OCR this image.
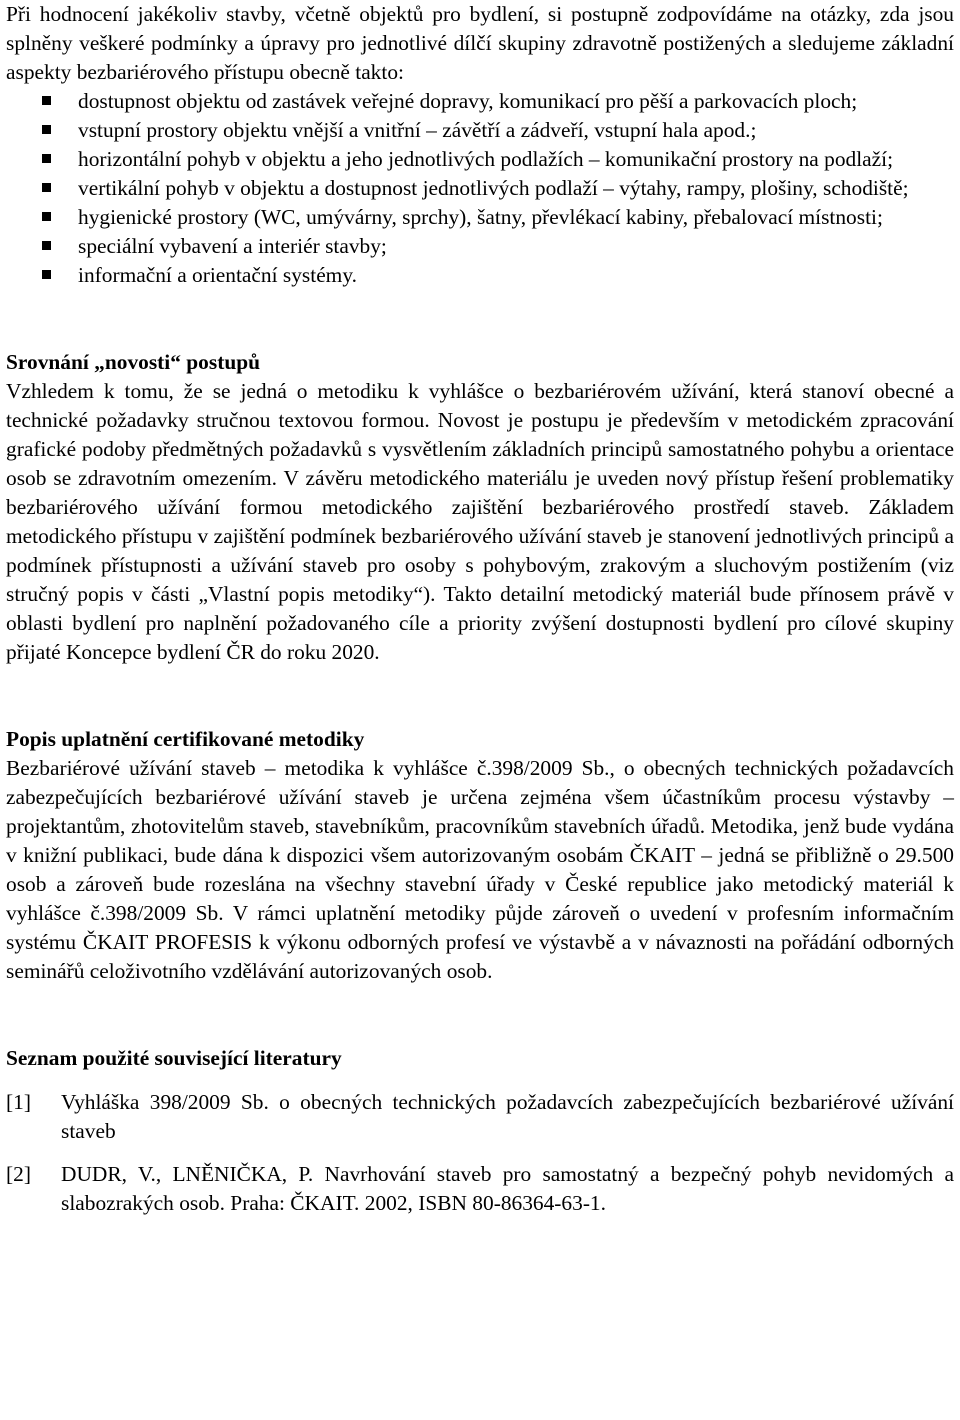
Při hodnocení jakékoliv stavby, včetně objektů pro bydlení, si postupně zodpovídáme na otázky, zda jsou splněny veškeré podmínky a úpravy pro jednotlivé dílčí skupiny zdravotně postižených a sledujeme základní aspekty bezbariérového přístupu obecně takto:

dostupnost objektu od zastávek veřejné dopravy, komunikací pro pěší a parkovacích ploch;
vstupní prostory objektu vnější a vnitřní – závětří a zádveří, vstupní hala apod.;
horizontální pohyb v objektu a jeho jednotlivých podlažích – komunikační prostory na podlaží;
vertikální pohyb v objektu a dostupnost jednotlivých podlaží – výtahy, rampy, plošiny, schodiště;
hygienické prostory (WC, umývárny, sprchy), šatny, převlékací kabiny, přebalovací místnosti;
speciální vybavení a interiér stavby;
informační a orientační systémy.
Srovnání „novosti“ postupů

Vzhledem k tomu, že se jedná o metodiku k vyhlášce o bezbariérovém užívání, která stanoví obecné a technické požadavky stručnou textovou formou. Novost je postupu je především v metodickém zpracování grafické podoby předmětných požadavků s vysvětlením základních principů samostatného pohybu a orientace osob se zdravotním omezením. V závěru metodického materiálu je uveden nový přístup řešení problematiky bezbariérového užívání formou metodického zajištění bezbariérového prostředí staveb. Základem metodického přístupu v zajištění podmínek bezbariérového užívání staveb je stanovení jednotlivých principů a podmínek přístupnosti a užívání staveb pro osoby s pohybovým, zrakovým a sluchovým postižením (viz stručný popis v části „Vlastní popis metodiky“). Takto detailní metodický materiál bude přínosem právě v oblasti bydlení pro naplnění požadovaného cíle a priority zvýšení dostupnosti bydlení pro cílové skupiny přijaté Koncepce bydlení ČR do roku 2020.

Popis uplatnění certifikované metodiky

Bezbariérové užívání staveb – metodika k vyhlášce č.398/2009 Sb., o obecných technických požadavcích zabezpečujících bezbariérové užívání staveb je určena zejména všem účastníkům procesu výstavby – projektantům, zhotovitelům staveb, stavebníkům, pracovníkům stavebních úřadů. Metodika, jenž bude vydána v knižní publikaci, bude dána k dispozici všem autorizovaným osobám ČKAIT – jedná se přibližně o 29.500 osob a zároveň bude rozeslána na všechny stavební úřady v České republice jako metodický materiál k vyhlášce č.398/2009 Sb. V rámci uplatnění metodiky půjde zároveň o uvedení v profesním informačním systému ČKAIT PROFESIS k výkonu odborných profesí ve výstavbě a v návaznosti na pořádání odborných seminářů celoživotního vzdělávání autorizovaných osob.

Seznam použité související literatury
[1] Vyhláška 398/2009 Sb. o obecných technických požadavcích zabezpečujících bezbariérové užívání staveb
[2] DUDR, V., LNĚNIČKA, P. Navrhování staveb pro samostatný a bezpečný pohyb nevidomých a slabozrakých osob. Praha: ČKAIT. 2002, ISBN 80-86364-63-1.
